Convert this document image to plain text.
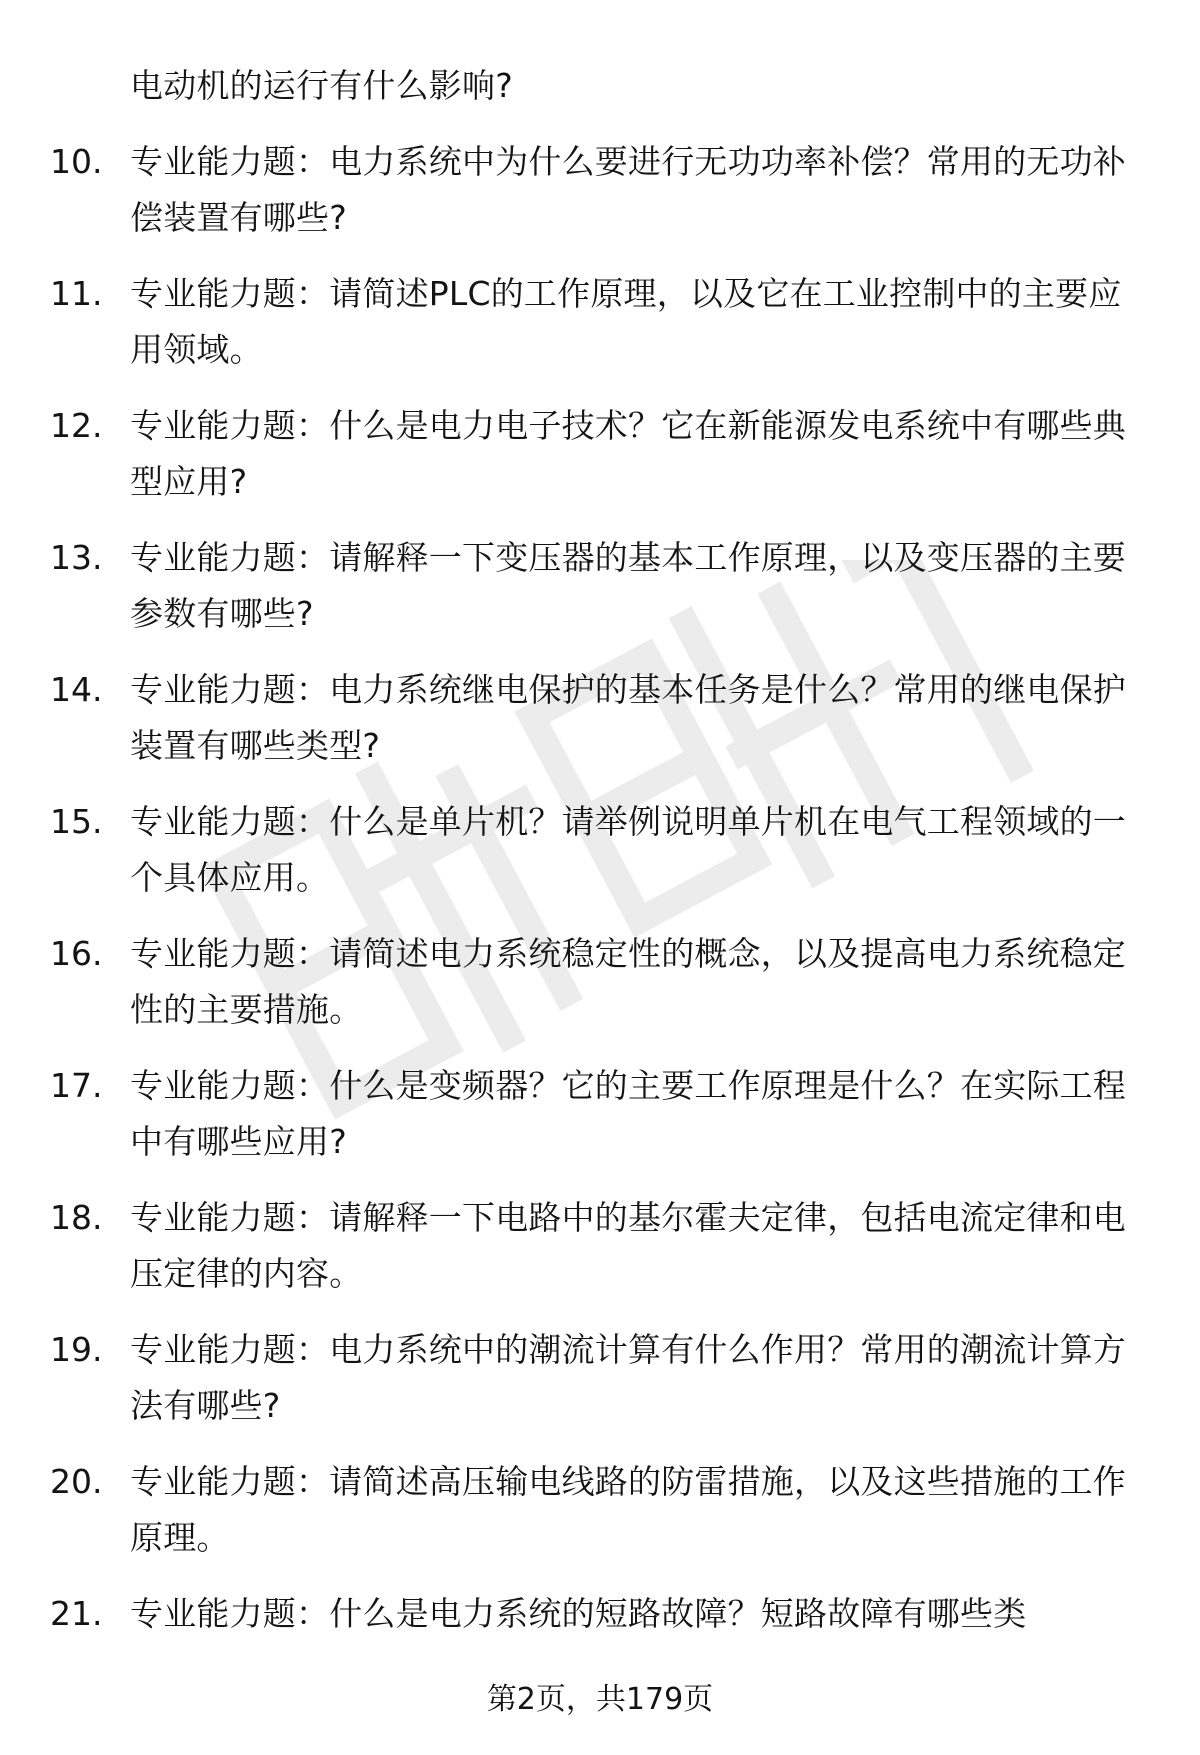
电动机的运行有什么影响?
10. 专业能力题：电力系统中为什么要进行无功功率补偿？常用的无功补偿装置有哪些?
11. 专业能力题：请简述PLC的工作原理，以及它在工业控制中的主要应用领域。
12. 专业能力题：什么是电力电子技术？它在新能源发电系统中有哪些典型应用?
13. 专业能力题：请解释一下变压器的基本工作原理，以及变压器的主要参数有哪些?
14. 专业能力题：电力系统继电保护的基本任务是什么？常用的继电保护装置有哪些类型?
15. 专业能力题：什么是单片机？请举例说明单片机在电气工程领域的一个具体应用。
16. 专业能力题：请简述电力系统稳定性的概念，以及提高电力系统稳定性的主要措施。
17. 专业能力题：什么是变频器？它的主要工作原理是什么？在实际工程中有哪些应用?
18. 专业能力题：请解释一下电路中的基尔霍夫定律，包括电流定律和电压定律的内容。
19. 专业能力题：电力系统中的潮流计算有什么作用？常用的潮流计算方法有哪些?
20. 专业能力题：请简述高压输电线路的防雷措施，以及这些措施的工作原理。
21. 专业能力题：什么是电力系统的短路故障？短路故障有哪些类
第2页，共179页
